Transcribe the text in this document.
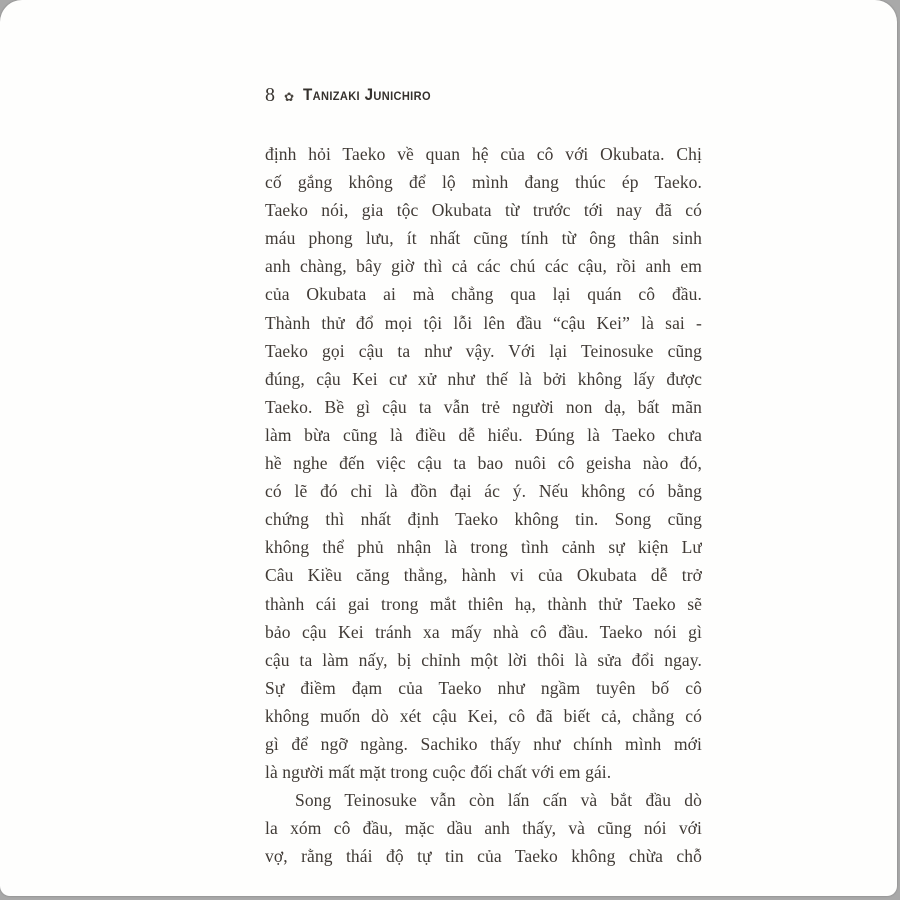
8 ✿ Tanizaki Junichiro
định hỏi Taeko về quan hệ của cô với Okubata. Chị
cố gắng không để lộ mình đang thúc ép Taeko.
Taeko nói, gia tộc Okubata từ trước tới nay đã có
máu phong lưu, ít nhất cũng tính từ ông thân sinh
anh chàng, bây giờ thì cả các chú các cậu, rồi anh em
của Okubata ai mà chẳng qua lại quán cô đầu.
Thành thử đổ mọi tội lỗi lên đầu “cậu Kei” là sai -
Taeko gọi cậu ta như vậy. Với lại Teinosuke cũng
đúng, cậu Kei cư xử như thế là bởi không lấy được
Taeko. Bề gì cậu ta vẫn trẻ người non dạ, bất mãn
làm bừa cũng là điều dễ hiểu. Đúng là Taeko chưa
hề nghe đến việc cậu ta bao nuôi cô geisha nào đó,
có lẽ đó chỉ là đồn đại ác ý. Nếu không có bằng
chứng thì nhất định Taeko không tin. Song cũng
không thể phủ nhận là trong tình cảnh sự kiện Lư
Câu Kiều căng thẳng, hành vi của Okubata dễ trở
thành cái gai trong mắt thiên hạ, thành thử Taeko sẽ
bảo cậu Kei tránh xa mấy nhà cô đầu. Taeko nói gì
cậu ta làm nấy, bị chỉnh một lời thôi là sửa đổi ngay.
Sự điềm đạm của Taeko như ngầm tuyên bố cô
không muốn dò xét cậu Kei, cô đã biết cả, chẳng có
gì để ngỡ ngàng. Sachiko thấy như chính mình mới
là người mất mặt trong cuộc đối chất với em gái.
Song Teinosuke vẫn còn lấn cấn và bắt đầu dò
la xóm cô đầu, mặc dầu anh thấy, và cũng nói với
vợ, rằng thái độ tự tin của Taeko không chừa chỗ
